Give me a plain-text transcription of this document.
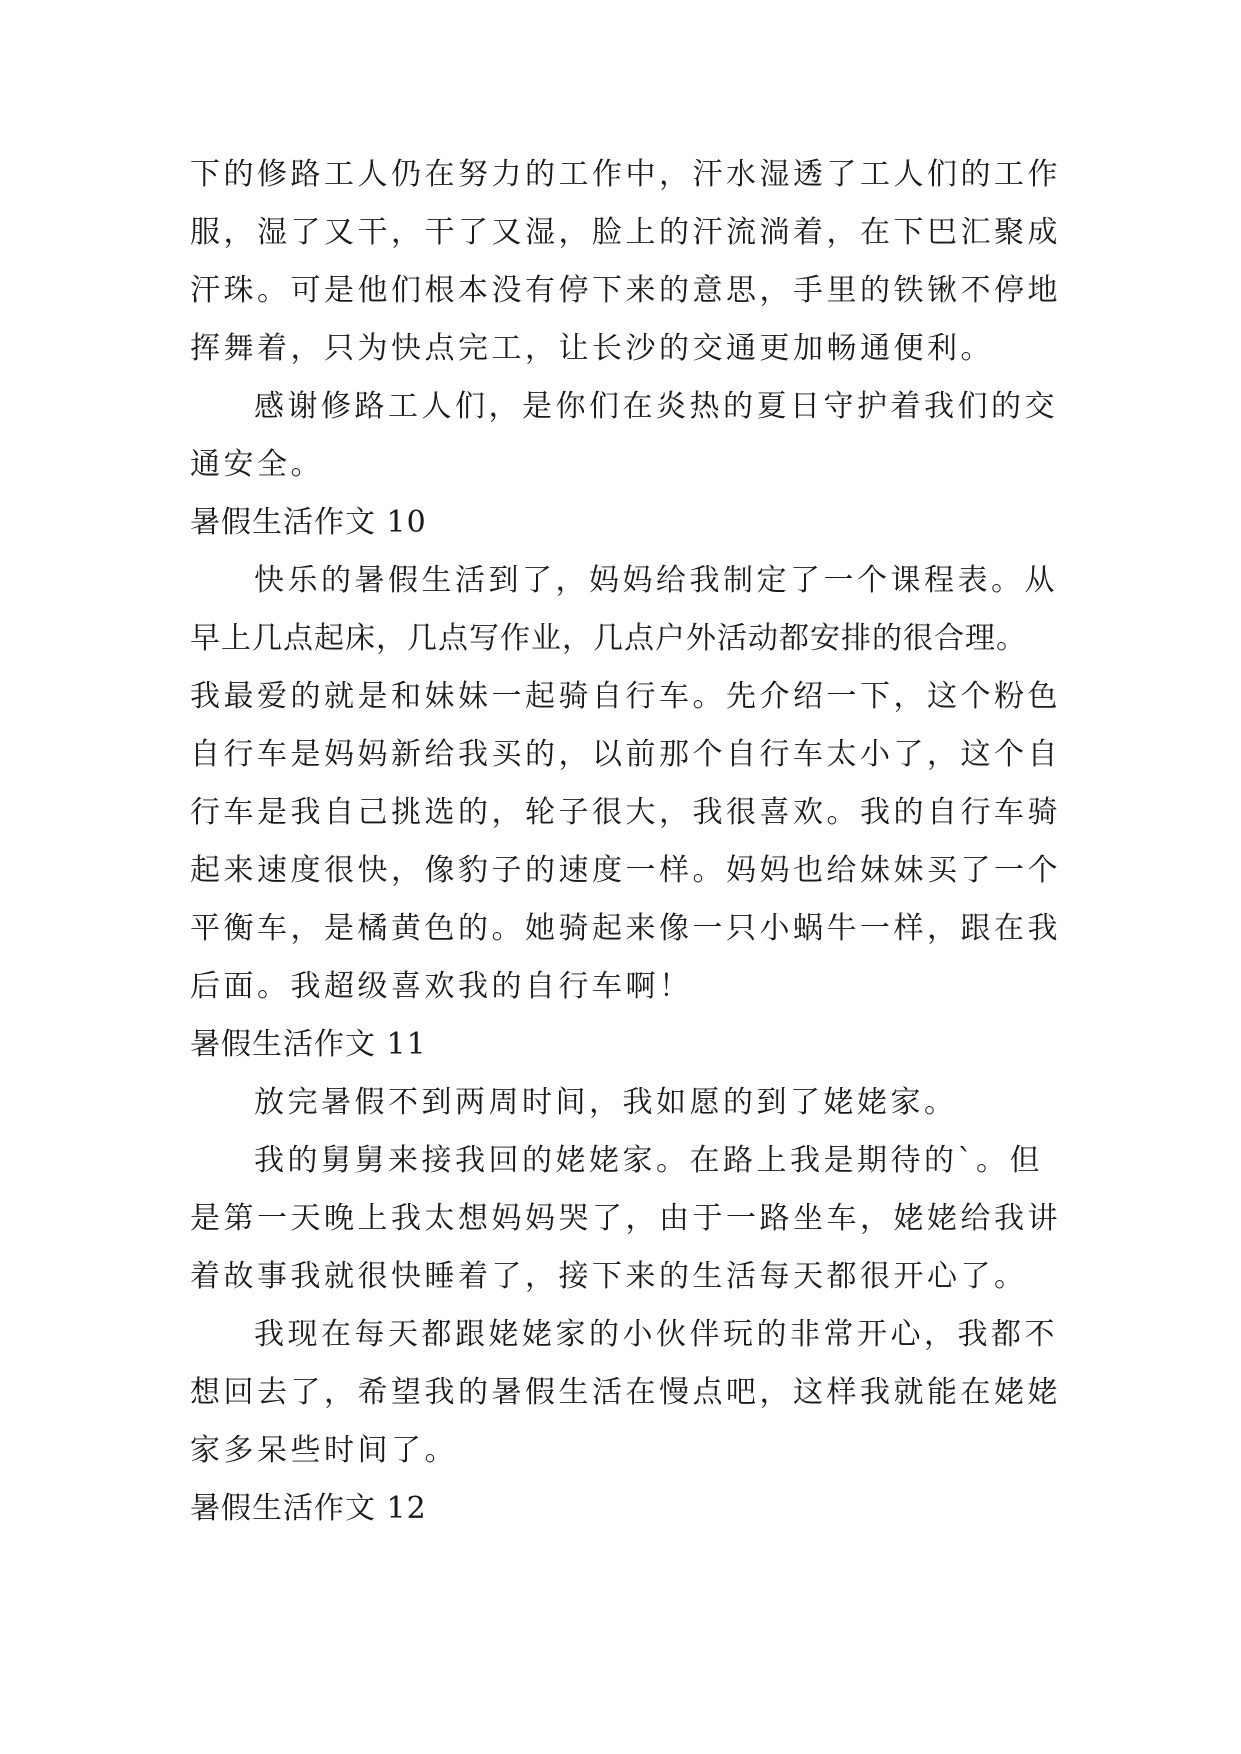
下的修路工人仍在努力的工作中，汗水湿透了工人们的工作
服，湿了又干，干了又湿，脸上的汗流淌着，在下巴汇聚成
汗珠。可是他们根本没有停下来的意思，手里的铁锹不停地
挥舞着，只为快点完工，让长沙的交通更加畅通便利。
感谢修路工人们，是你们在炎热的夏日守护着我们的交
通安全。
暑假生活作文 10
快乐的暑假生活到了，妈妈给我制定了一个课程表。从
早上几点起床，几点写作业，几点户外活动都安排的很合理。
我最爱的就是和妹妹一起骑自行车。先介绍一下，这个粉色
自行车是妈妈新给我买的，以前那个自行车太小了，这个自
行车是我自己挑选的，轮子很大，我很喜欢。我的自行车骑
起来速度很快，像豹子的速度一样。妈妈也给妹妹买了一个
平衡车，是橘黄色的。她骑起来像一只小蜗牛一样，跟在我
后面。我超级喜欢我的自行车啊！
暑假生活作文 11
放完暑假不到两周时间，我如愿的到了姥姥家。
我的舅舅来接我回的姥姥家。在路上我是期待的`。但
是第一天晚上我太想妈妈哭了，由于一路坐车，姥姥给我讲
着故事我就很快睡着了，接下来的生活每天都很开心了。
我现在每天都跟姥姥家的小伙伴玩的非常开心，我都不
想回去了，希望我的暑假生活在慢点吧，这样我就能在姥姥
家多呆些时间了。
暑假生活作文 12
